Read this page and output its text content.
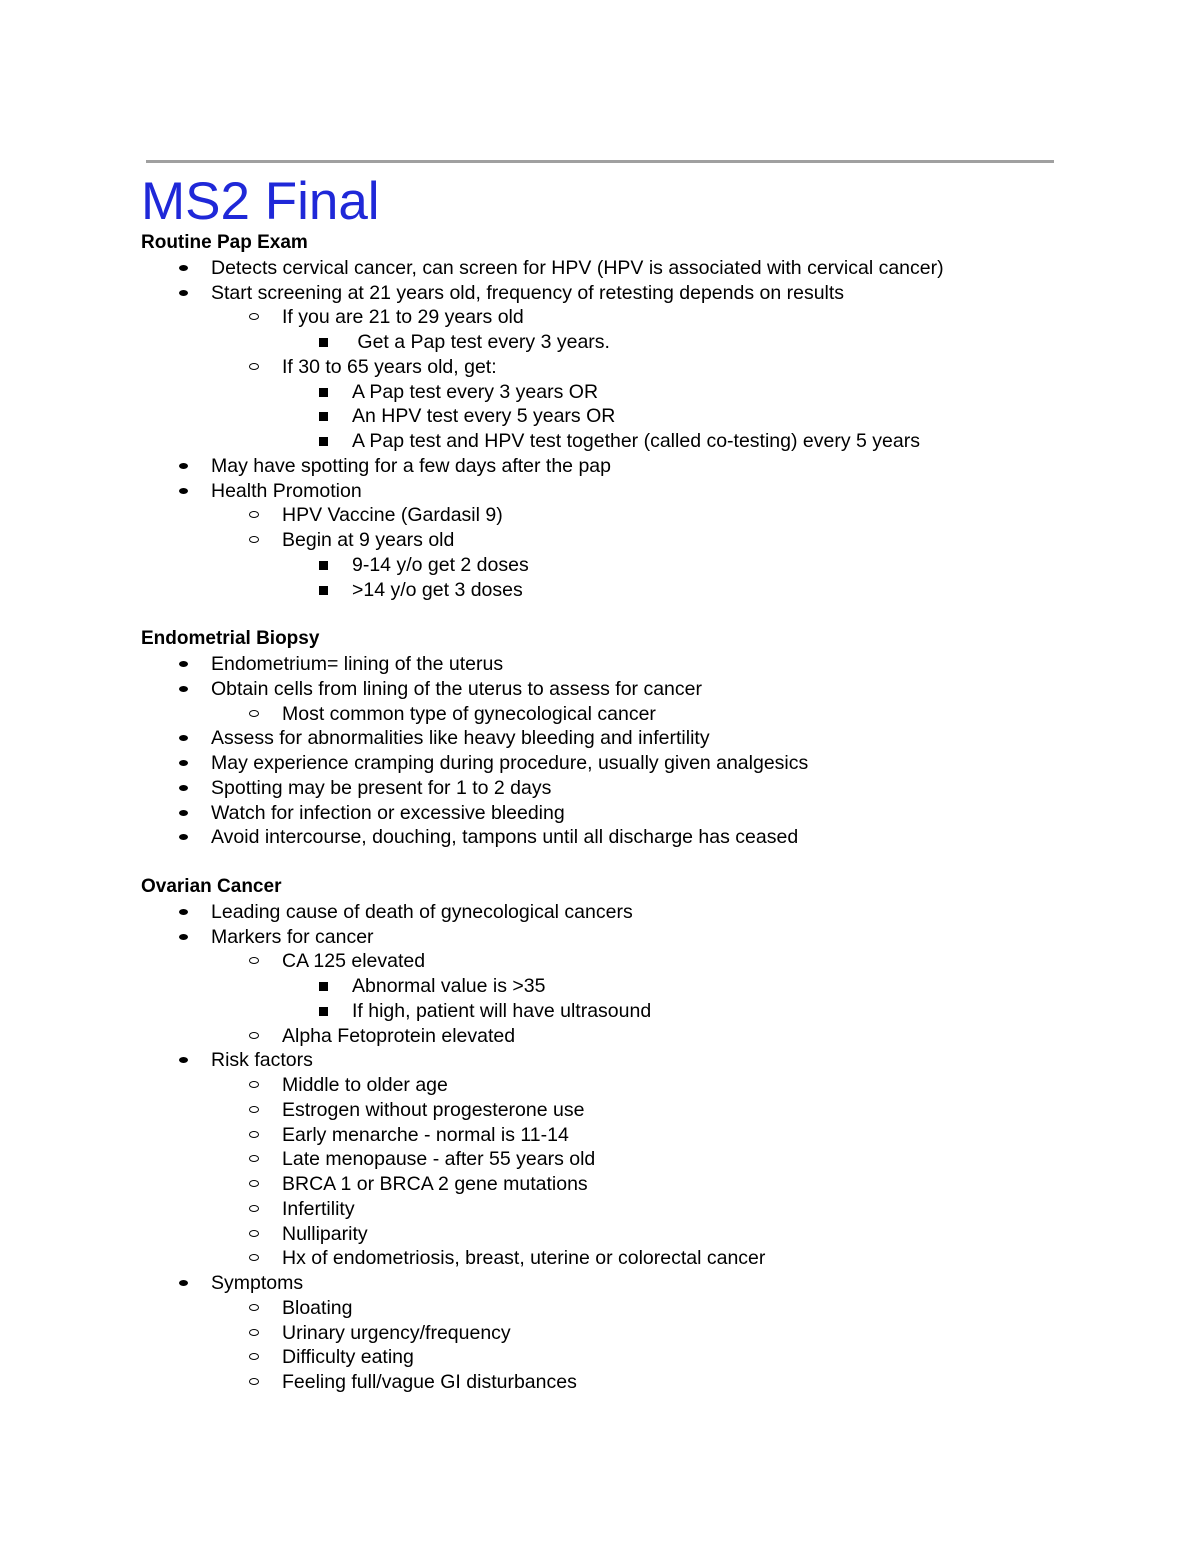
MS2 Final
Routine Pap Exam
Detects cervical cancer, can screen for HPV (HPV is associated with cervical cancer)
Start screening at 21 years old, frequency of retesting depends on results
If you are 21 to 29 years old
Get a Pap test every 3 years.
If 30 to 65 years old, get:
A Pap test every 3 years OR
An HPV test every 5 years OR
A Pap test and HPV test together (called co-testing) every 5 years
May have spotting for a few days after the pap
Health Promotion
HPV Vaccine (Gardasil 9)
Begin at 9 years old
9-14 y/o get 2 doses
>14 y/o get 3 doses
Endometrial Biopsy
Endometrium= lining of the uterus
Obtain cells from lining of the uterus to assess for cancer
Most common type of gynecological cancer
Assess for abnormalities like heavy bleeding and infertility
May experience cramping during procedure, usually given analgesics
Spotting may be present for 1 to 2 days
Watch for infection or excessive bleeding
Avoid intercourse, douching, tampons until all discharge has ceased
Ovarian Cancer
Leading cause of death of gynecological cancers
Markers for cancer
CA 125 elevated
Abnormal value is >35
If high, patient will have ultrasound
Alpha Fetoprotein elevated
Risk factors
Middle to older age
Estrogen without progesterone use
Early menarche - normal is 11-14
Late menopause - after 55 years old
BRCA 1 or BRCA 2 gene mutations
Infertility
Nulliparity
Hx of endometriosis, breast, uterine or colorectal cancer
Symptoms
Bloating
Urinary urgency/frequency
Difficulty eating
Feeling full/vague GI disturbances
